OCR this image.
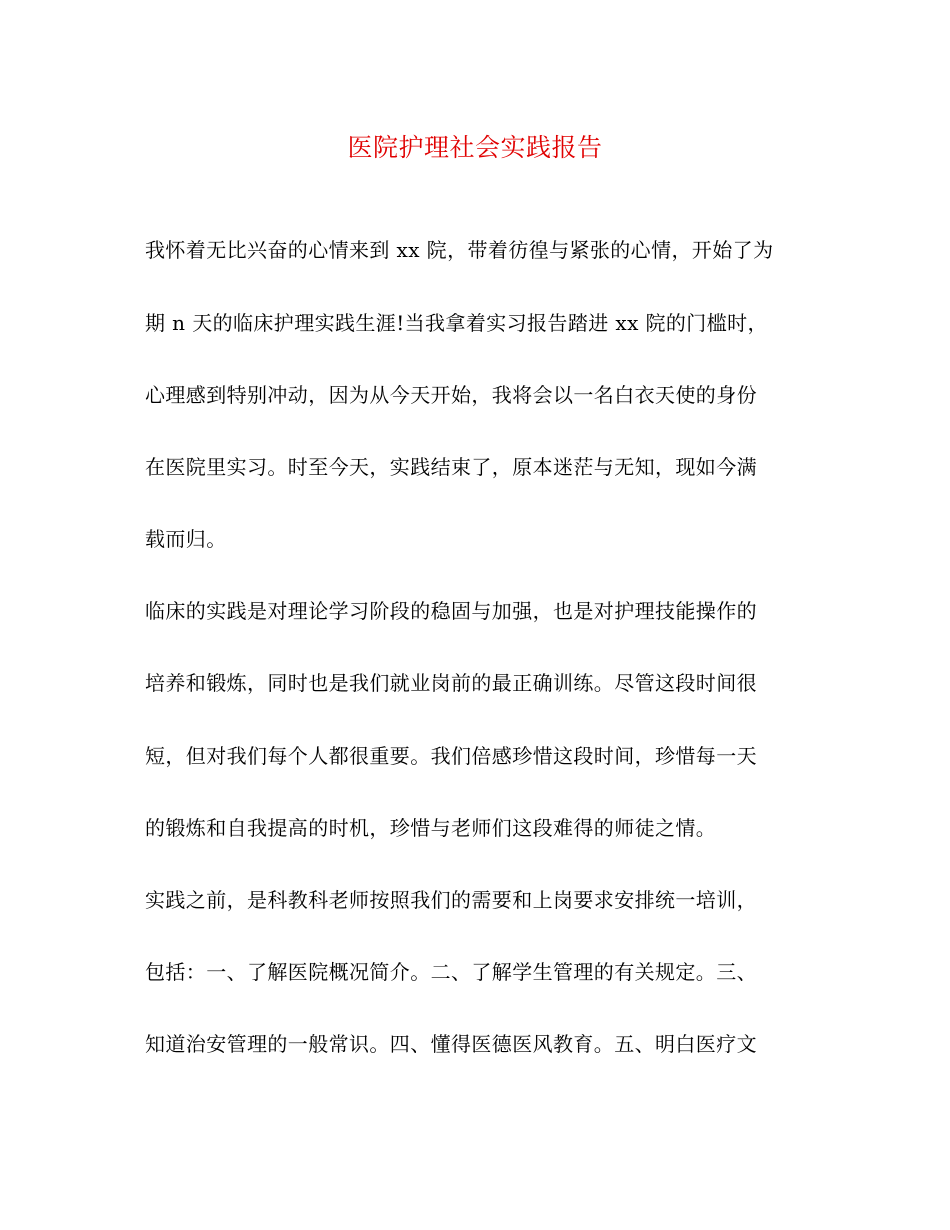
医院护理社会实践报告
我怀着无比兴奋的心情来到 xx 院，带着彷徨与紧张的心情，开始了为
期 n 天的临床护理实践生涯!当我拿着实习报告踏进 xx 院的门槛时，
心理感到特别冲动，因为从今天开始，我将会以一名白衣天使的身份
在医院里实习。时至今天，实践结束了，原本迷茫与无知，现如今满
载而归。
临床的实践是对理论学习阶段的稳固与加强，也是对护理技能操作的
培养和锻炼，同时也是我们就业岗前的最正确训练。尽管这段时间很
短，但对我们每个人都很重要。我们倍感珍惜这段时间，珍惜每一天
的锻炼和自我提高的时机，珍惜与老师们这段难得的师徒之情。
实践之前，是科教科老师按照我们的需要和上岗要求安排统一培训，
包括：一、了解医院概况简介。二、了解学生管理的有关规定。三、
知道治安管理的一般常识。四、懂得医德医风教育。五、明白医疗文
